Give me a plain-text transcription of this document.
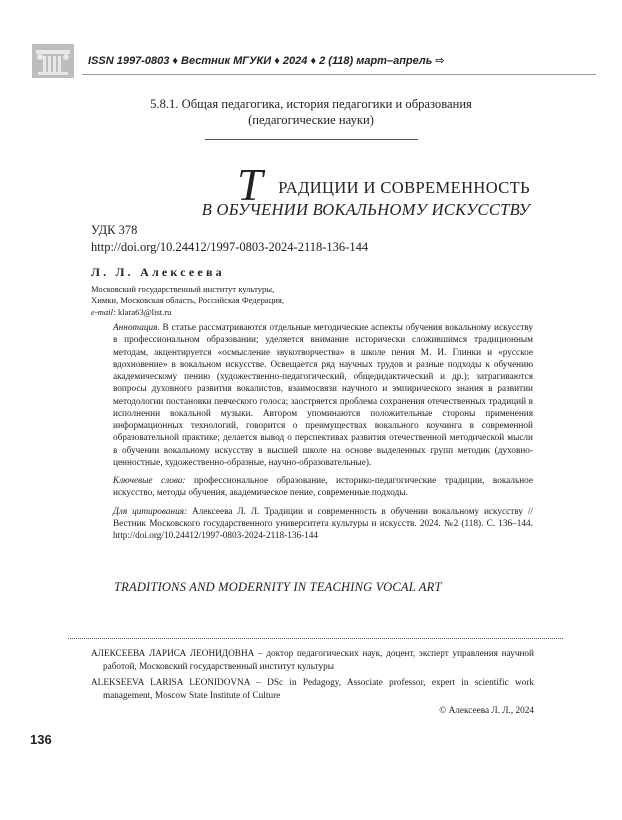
ISSN 1997-0803 ♦ Вестник МГУКИ ♦ 2024 ♦ 2 (118) март–апрель ⇨
5.8.1. Общая педагогика, история педагогики и образования
(педагогические науки)
Т РАДИЦИИ И СОВРЕМЕННОСТЬ
В ОБУЧЕНИИ ВОКАЛЬНОМУ ИСКУССТВУ
УДК 378
http://doi.org/10.24412/1997-0803-2024-2118-136-144
Л. Л. Алексеева
Московский государственный институт культуры,
Химки, Московская область, Российская Федерация,
e-mail: klara63@list.ru

Аннотация. В статье рассматриваются отдельные методические аспекты обучения вокальному искусству в профессиональном образовании; уделяется внимание исторически сложившимся традиционным методам, акцентируется «осмысление звукотворчества» в школе пения М. И. Глинки и «русское вдохновение» в вокальном искусстве. Освещается ряд научных трудов и разные подходы к обучению академическому пению (художественно-педагогический, общедидактический и др.); затрагиваются вопросы духовного развития вокалистов, взаимосвязи научного и эмпирического знания в развитии методологии постановки певческого голоса; заостряется проблема сохранения отечественных традиций в исполнении вокальной музыки. Автором упоминаются положительные стороны применения информационных технологий, говорится о преимуществах вокального коучинга в современной образовательной практике; делается вывод о перспективах развития отечественной методической мысли в обучении вокальному искусству в высшей школе на основе выделенных групп методик (духовно-ценностные, художественно-образные, научно-образовательные).

Ключевые слова: профессиональное образование, историко-педагогические традиции, вокальное искусство, методы обучения, академическое пение, современные подходы.

Для цитирования: Алексеева Л. Л. Традиции и современность в обучении вокальному искусству // Вестник Московского государственного университета культуры и искусств. 2024. №2 (118). С. 136–144. http://doi.org/10.24412/1997-0803-2024-2118-136-144

TRADITIONS AND MODERNITY IN TEACHING VOCAL ART

АЛЕКСЕЕВА ЛАРИСА ЛЕОНИДОВНА – доктор педагогических наук, доцент, эксперт управления научной работой, Московский государственный институт культуры

ALEKSEEVA LARISA LEONIDOVNA – DSc in Pedagogy, Associate professor, expert in scientific work management, Moscow State Institute of Culture

© Алексеева Л. Л., 2024
136
